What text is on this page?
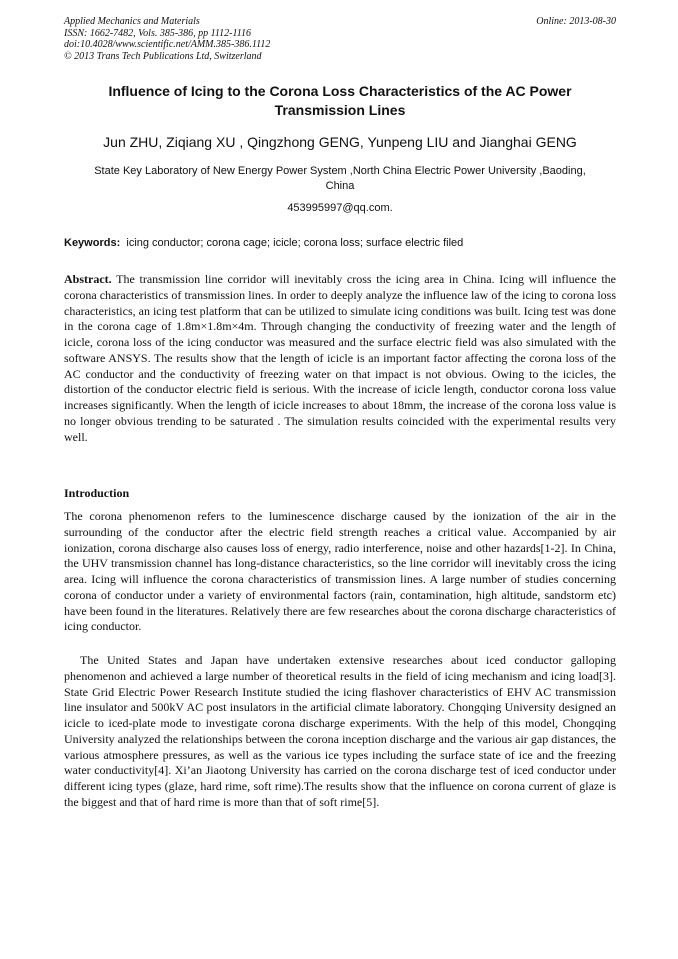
Applied Mechanics and Materials
ISSN: 1662-7482, Vols. 385-386, pp 1112-1116
doi:10.4028/www.scientific.net/AMM.385-386.1112
© 2013 Trans Tech Publications Ltd, Switzerland
Online: 2013-08-30
Influence of Icing to the Corona Loss Characteristics of the AC Power Transmission Lines
Jun ZHU, Ziqiang XU , Qingzhong GENG, Yunpeng LIU and Jianghai GENG
State Key Laboratory of New Energy Power System ,North China Electric Power University ,Baoding, China
453995997@qq.com.
Keywords: icing conductor; corona cage; icicle; corona loss; surface electric filed

Abstract. The transmission line corridor will inevitably cross the icing area in China. Icing will influence the corona characteristics of transmission lines. In order to deeply analyze the influence law of the icing to corona loss characteristics, an icing test platform that can be utilized to simulate icing conditions was built. Icing test was done in the corona cage of 1.8m×1.8m×4m. Through changing the conductivity of freezing water and the length of icicle, corona loss of the icing conductor was measured and the surface electric field was also simulated with the software ANSYS. The results show that the length of icicle is an important factor affecting the corona loss of the AC conductor and the conductivity of freezing water on that impact is not obvious. Owing to the icicles, the distortion of the conductor electric field is serious. With the increase of icicle length, conductor corona loss value increases significantly. When the length of icicle increases to about 18mm, the increase of the corona loss value is no longer obvious trending to be saturated . The simulation results coincided with the experimental results very well.

Introduction

The corona phenomenon refers to the luminescence discharge caused by the ionization of the air in the surrounding of the conductor after the electric field strength reaches a critical value. Accompanied by air ionization, corona discharge also causes loss of energy, radio interference, noise and other hazards[1-2]. In China, the UHV transmission channel has long-distance characteristics, so the line corridor will inevitably cross the icing area. Icing will influence the corona characteristics of transmission lines. A large number of studies concerning corona of conductor under a variety of environmental factors (rain, contamination, high altitude, sandstorm etc) have been found in the literatures. Relatively there are few researches about the corona discharge characteristics of icing conductor.

The United States and Japan have undertaken extensive researches about iced conductor galloping phenomenon and achieved a large number of theoretical results in the field of icing mechanism and icing load[3]. State Grid Electric Power Research Institute studied the icing flashover characteristics of EHV AC transmission line insulator and 500kV AC post insulators in the artificial climate laboratory. Chongqing University designed an icicle to iced-plate mode to investigate corona discharge experiments. With the help of this model, Chongqing University analyzed the relationships between the corona inception discharge and the various air gap distances, the various atmosphere pressures, as well as the various ice types including the surface state of ice and the freezing water conductivity[4]. Xi’an Jiaotong University has carried on the corona discharge test of iced conductor under different icing types (glaze, hard rime, soft rime).The results show that the influence on corona current of glaze is the biggest and that of hard rime is more than that of soft rime[5].
